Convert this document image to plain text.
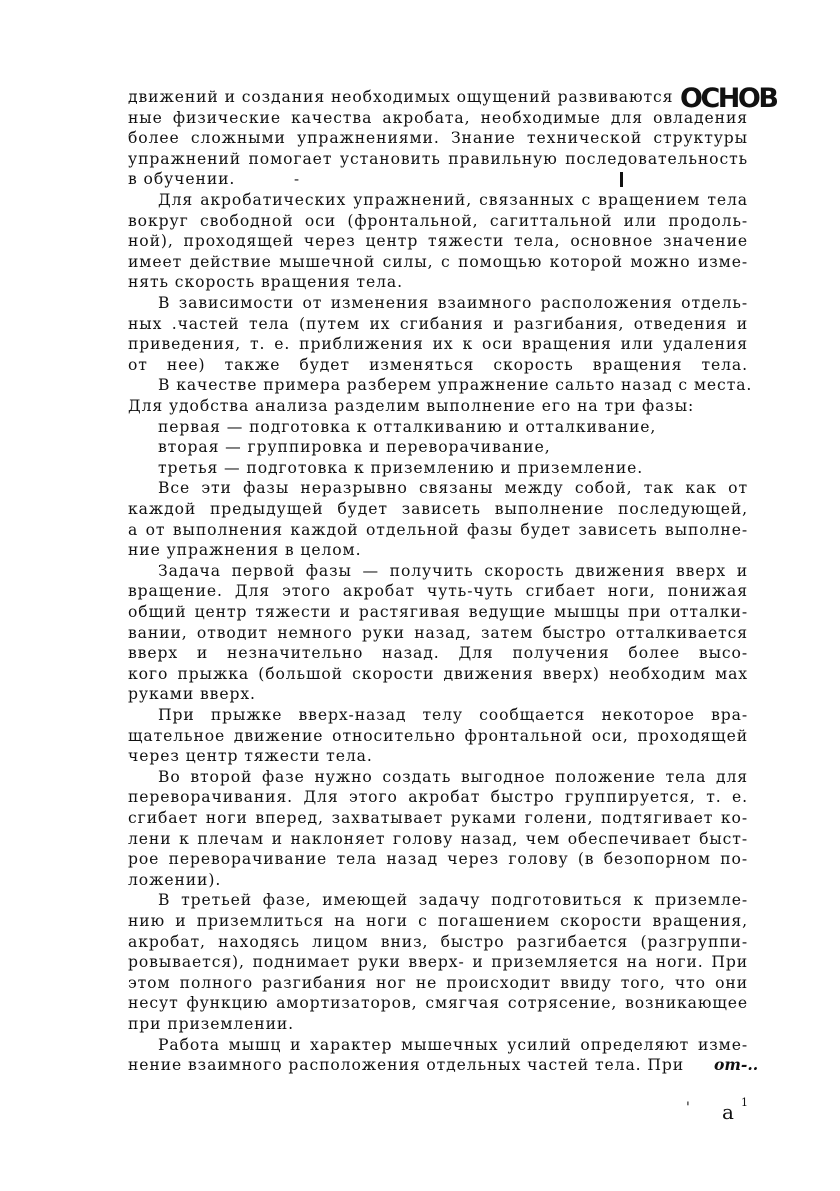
движений и создания необходимых ощущений развиваются
ные физические качества акробата, необходимые для овладения
более сложными упражнениями. Знание технической структуры
упражнений помогает установить правильную последовательность
в обучении.
Для акробатических упражнений, связанных с вращением тела
вокруг свободной оси (фронтальной, сагиттальной или продоль-
ной), проходящей через центр тяжести тела, основное значение
имеет действие мышечной силы, с помощью которой можно изме-
нять скорость вращения тела.
В зависимости от изменения взаимного расположения отдель-
ных .частей тела (путем их сгибания и разгибания, отведения и
приведения, т. е. приближения их к оси вращения или удаления
от нее) также будет изменяться скорость вращения тела.
В качестве примера разберем упражнение сальто назад с места.
Для удобства анализа разделим выполнение его на три фазы:
первая — подготовка к отталкиванию и отталкивание,
вторая — группировка и переворачивание,
третья — подготовка к приземлению и приземление.
Все эти фазы неразрывно связаны между собой, так как от
каждой предыдущей будет зависеть выполнение последующей,
а от выполнения каждой отдельной фазы будет зависеть выполне-
ние упражнения в целом.
Задача первой фазы — получить скорость движения вверх и
вращение. Для этого акробат чуть-чуть сгибает ноги, понижая
общий центр тяжести и растягивая ведущие мышцы при отталки-
вании, отводит немного руки назад, затем быстро отталкивается
вверх и незначительно назад. Для получения более высо-
кого прыжка (большой скорости движения вверх) необходим мах
руками вверх.
При прыжке вверх-назад телу сообщается некоторое вра-
щательное движение относительно фронтальной оси, проходящей
через центр тяжести тела.
Во второй фазе нужно создать выгодное положение тела для
переворачивания. Для этого акробат быстро группируется, т. е.
сгибает ноги вперед, захватывает руками голени, подтягивает ко-
лени к плечам и наклоняет голову назад, чем обеспечивает быст-
рое переворачивание тела назад через голову (в безопорном по-
ложении).
В третьей фазе, имеющей задачу подготовиться к приземле-
нию и приземлиться на ноги с погашением скорости вращения,
акробат, находясь лицом вниз, быстро разгибается (разгруппи-
ровывается), поднимает руки вверх- и приземляется на ноги. При
этом полного разгибания ног не происходит ввиду того, что они
несут функцию амортизаторов, смягчая сотрясение, возникающее
при приземлении.
Работа мышц и характер мышечных усилий определяют изме-
нение взаимного расположения отдельных частей тела. При от-..
ОСНОВ
-
' а 1
